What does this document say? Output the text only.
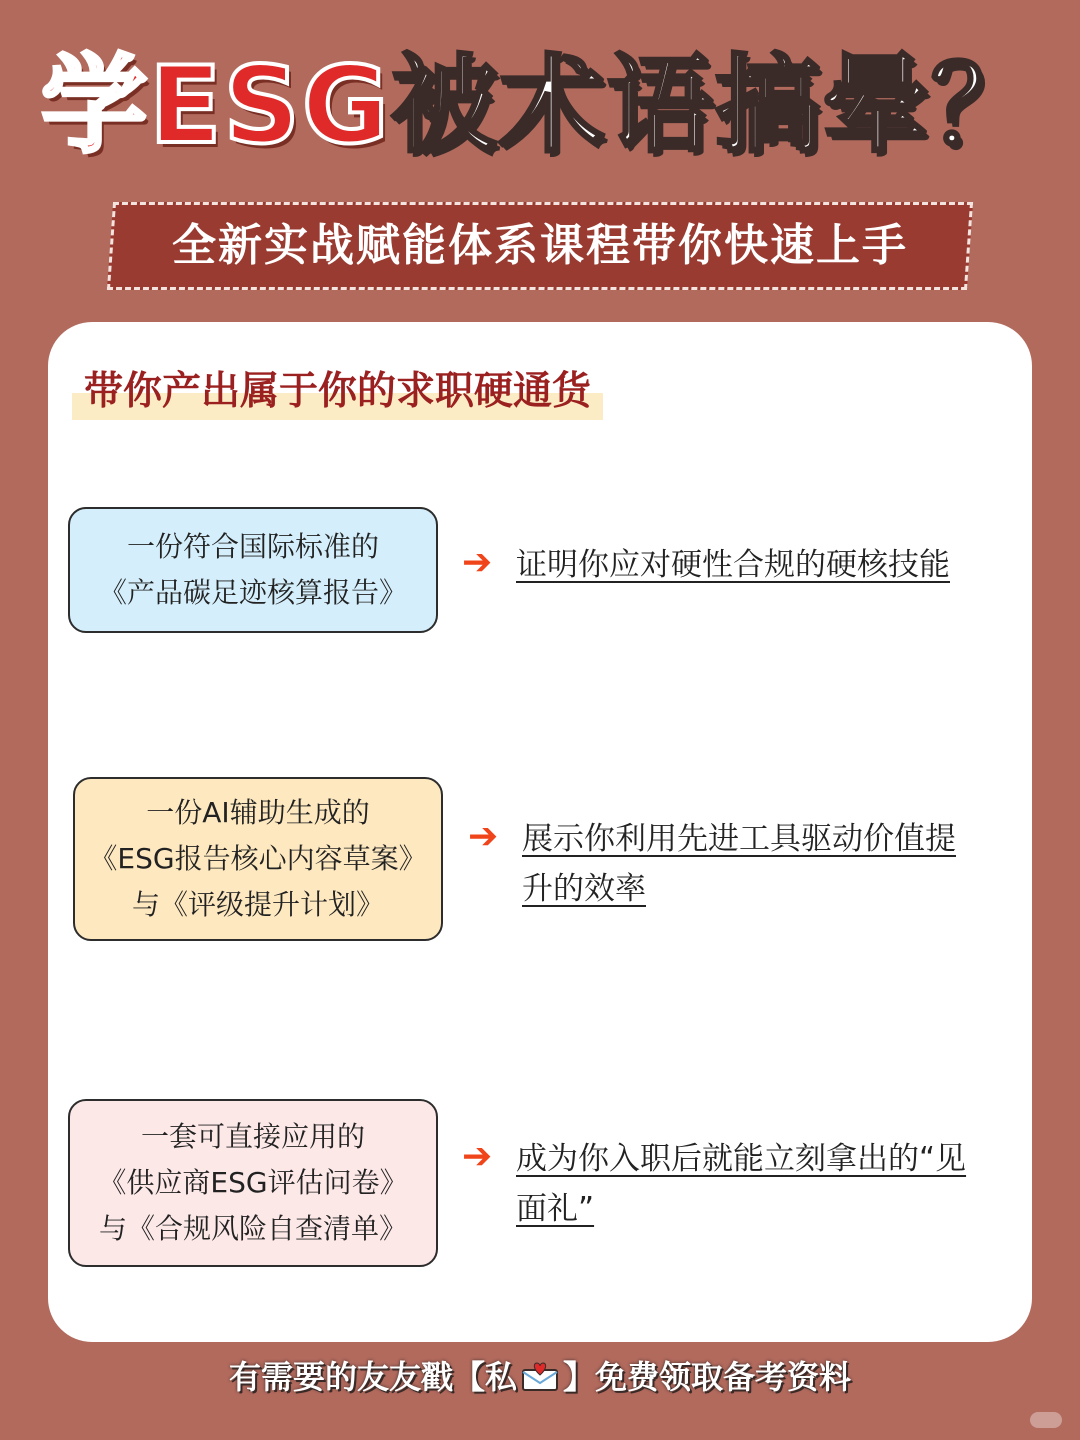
学ESG被术语搞晕？
全新实战赋能体系课程带你快速上手
带你产出属于你的求职硬通货
一份符合国际标准的
《产品碳足迹核算报告》
➔ 证明你应对硬性合规的硬核技能
一份AI辅助生成的
《ESG报告核心内容草案》
与《评级提升计划》
➔ 展示你利用先进工具驱动价值提
升的效率
一套可直接应用的
《供应商ESG评估问卷》
与《合规风险自查清单》
➔ 成为你入职后就能立刻拿出的“见
面礼”
有需要的友友戳【私 】免费领取备考资料
